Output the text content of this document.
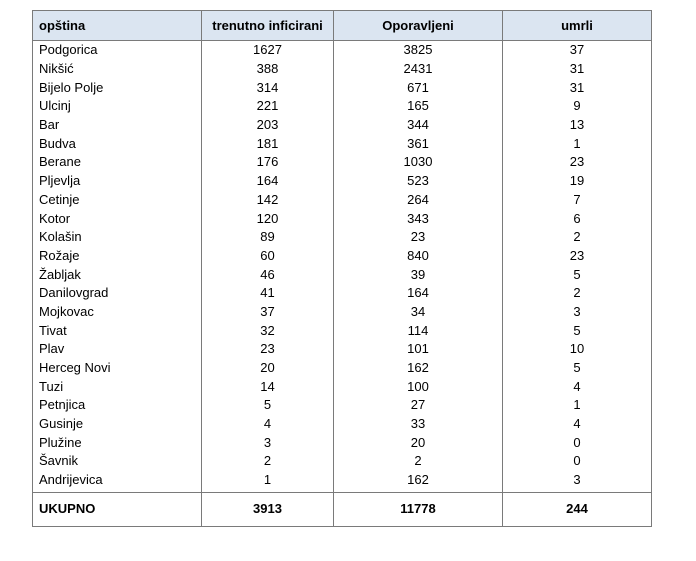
opština	trenutno inficirani	Oporavljeni	umrli
Podgorica	1627	3825	37
Nikšić	388	2431	31
Bijelo Polje	314	671	31
Ulcinj	221	165	9
Bar	203	344	13
Budva	181	361	1
Berane	176	1030	23
Pljevlja	164	523	19
Cetinje	142	264	7
Kotor	120	343	6
Kolašin	89	23	2
Rožaje	60	840	23
Žabljak	46	39	5
Danilovgrad	41	164	2
Mojkovac	37	34	3
Tivat	32	114	5
Plav	23	101	10
Herceg Novi	20	162	5
Tuzi	14	100	4
Petnjica	5	27	1
Gusinje	4	33	4
Plužine	3	20	0
Šavnik	2	2	0
Andrijevica	1	162	3
UKUPNO	3913	11778	244
